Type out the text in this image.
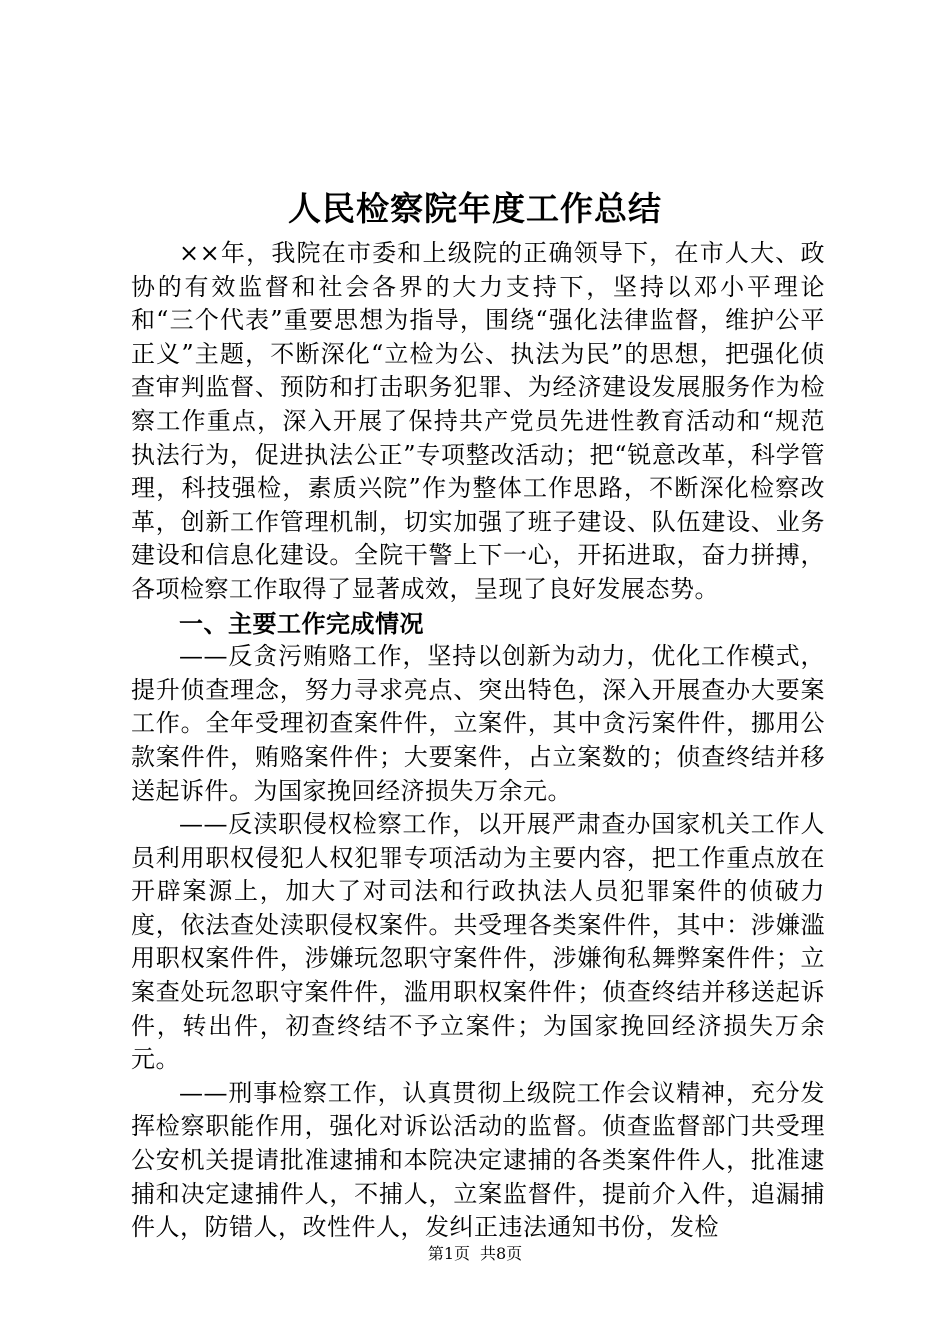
人民检察院年度工作总结

××年，我院在市委和上级院的正确领导下，在市人大、政协的有效监督和社会各界的大力支持下，坚持以邓小平理论和“三个代表”重要思想为指导，围绕“强化法律监督，维护公平正义”主题，不断深化“立检为公、执法为民”的思想，把强化侦查审判监督、预防和打击职务犯罪、为经济建设发展服务作为检察工作重点，深入开展了保持共产党员先进性教育活动和“规范执法行为，促进执法公正”专项整改活动；把“锐意改革，科学管理，科技强检，素质兴院”作为整体工作思路，不断深化检察改革，创新工作管理机制，切实加强了班子建设、队伍建设、业务建设和信息化建设。全院干警上下一心，开拓进取，奋力拼搏，各项检察工作取得了显著成效，呈现了良好发展态势。

一、主要工作完成情况

——反贪污贿赂工作，坚持以创新为动力，优化工作模式，提升侦查理念，努力寻求亮点、突出特色，深入开展查办大要案工作。全年受理初查案件件，立案件，其中贪污案件件，挪用公款案件件，贿赂案件件；大要案件，占立案数的；侦查终结并移送起诉件。为国家挽回经济损失万余元。

——反渎职侵权检察工作，以开展严肃查办国家机关工作人员利用职权侵犯人权犯罪专项活动为主要内容，把工作重点放在开辟案源上，加大了对司法和行政执法人员犯罪案件的侦破力度，依法查处渎职侵权案件。共受理各类案件件，其中：涉嫌滥用职权案件件，涉嫌玩忽职守案件件，涉嫌徇私舞弊案件件；立案查处玩忽职守案件件，滥用职权案件件；侦查终结并移送起诉件，转出件，初查终结不予立案件；为国家挽回经济损失万余元。

——刑事检察工作，认真贯彻上级院工作会议精神，充分发挥检察职能作用，强化对诉讼活动的监督。侦查监督部门共受理公安机关提请批准逮捕和本院决定逮捕的各类案件件人，批准逮捕和决定逮捕件人，不捕人，立案监督件，提前介入件，追漏捕件人，防错人，改性件人，发纠正违法通知书份，发检

第1页 共8页
